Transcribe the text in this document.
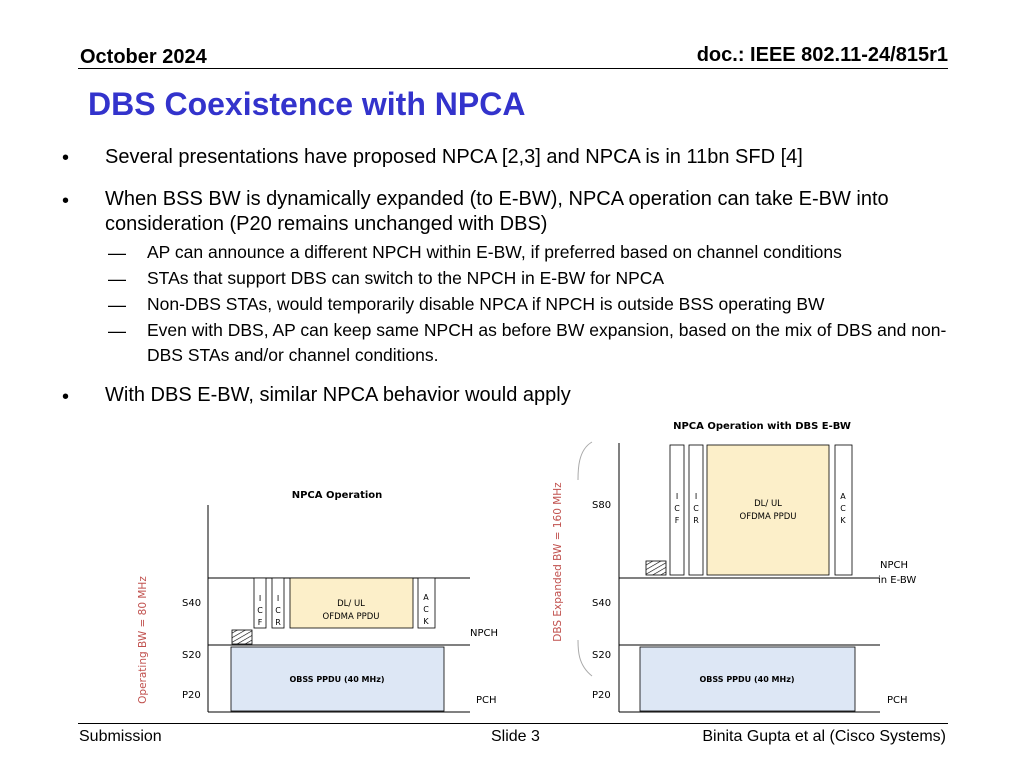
October 2024	doc.: IEEE 802.11-24/815r1
DBS Coexistence with NPCA
• Several presentations have proposed NPCA [2,3] and NPCA is in 11bn SFD [4]
• When BSS BW is dynamically expanded (to E-BW), NPCA operation can take E-BW into consideration (P20 remains unchanged with DBS)
— AP can announce a different NPCH within E-BW, if preferred based on channel conditions
— STAs that support DBS can switch to the NPCH in E-BW for NPCA
— Non-DBS STAs, would temporarily disable NPCA if NPCH is outside BSS operating BW
— Even with DBS, AP can keep same NPCH as before BW expansion, based on the mix of DBS and non-DBS STAs and/or channel conditions.
• With DBS E-BW, similar NPCA behavior would apply
NPCA Operation
Operating BW = 80 MHz	S40
S20
P20
I
C
F
I
C
R
DL/ UL
OFDMA PPDU
A
C
K
NPCH
OBSS PPDU (40 MHz)
PCH
NPCA Operation with DBS E-BW
DBS Expanded BW = 160 MHz	S80
S40
S20
P20
I
C
F
I
C
R
DL/ UL
OFDMA PPDU
A
C
K
NPCH
in E-BW
OBSS PPDU (40 MHz)
PCH
Submission	Slide 3	Binita Gupta et al (Cisco Systems)
